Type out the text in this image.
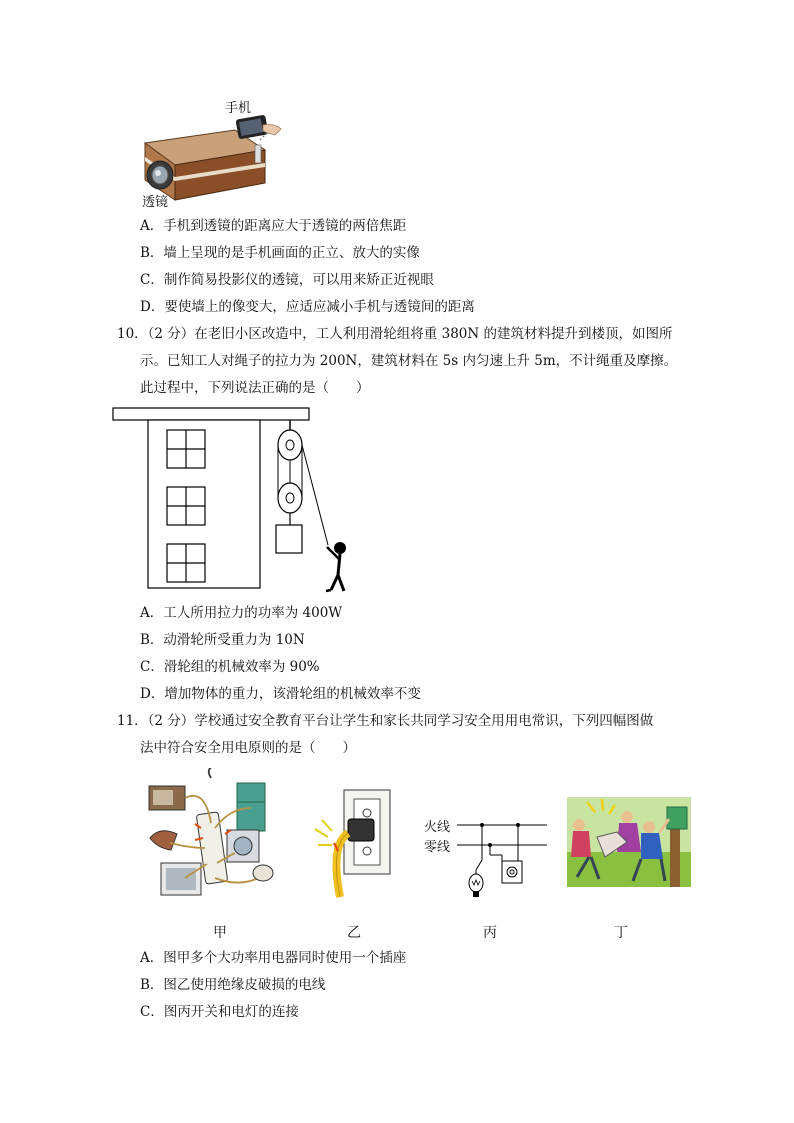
手机
透镜
A．手机到透镜的距离应大于透镜的两倍焦距
B．墙上呈现的是手机画面的正立、放大的实像
C．制作简易投影仪的透镜，可以用来矫正近视眼
D．要使墙上的像变大，应适应减小手机与透镜间的距离
10．（2 分）在老旧小区改造中，工人利用滑轮组将重 380N 的建筑材料提升到楼顶，如图所
示。已知工人对绳子的拉力为 200N，建筑材料在 5s 内匀速上升 5m，不计绳重及摩擦。
此过程中，下列说法正确的是（　　）
A．工人所用拉力的功率为 400W
B．动滑轮所受重力为 10N
C．滑轮组的机械效率为 90%
D．增加物体的重力，该滑轮组的机械效率不变
11．（2 分）学校通过安全教育平台让学生和家长共同学习安全用用电常识，下列四幅图做
法中符合安全用电原则的是（　　）
火线
零线
甲	乙	丙	丁
A．图甲多个大功率用电器同时使用一个插座
B．图乙使用绝缘皮破损的电线
C．图丙开关和电灯的连接
